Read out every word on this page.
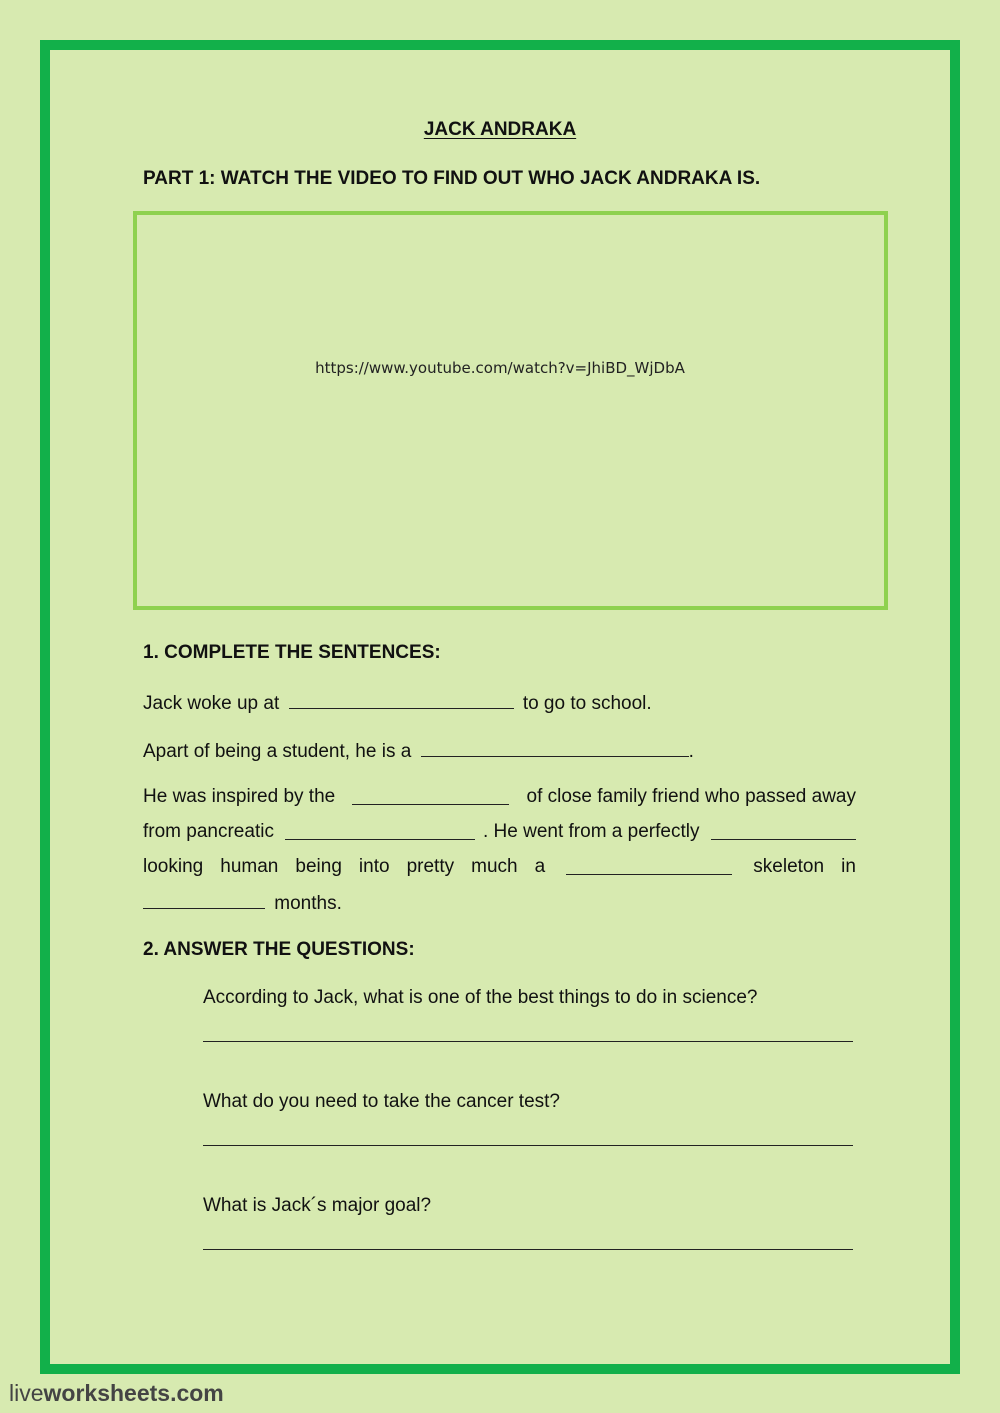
JACK ANDRAKA
PART 1: WATCH THE VIDEO TO FIND OUT WHO JACK ANDRAKA IS.
https://www.youtube.com/watch?v=JhiBD_WjDbA
1. COMPLETE THE SENTENCES:
Jack woke up at	to go to school.
Apart of being a student, he is a	.
He was inspired by the	of close family friend who passed away
from pancreatic	. He went from a perfectly
looking human being into pretty much a	skeleton in
months.
2. ANSWER THE QUESTIONS:
According to Jack, what is one of the best things to do in science?
What do you need to take the cancer test?
What is Jack´s major goal?
liveworksheets.com
